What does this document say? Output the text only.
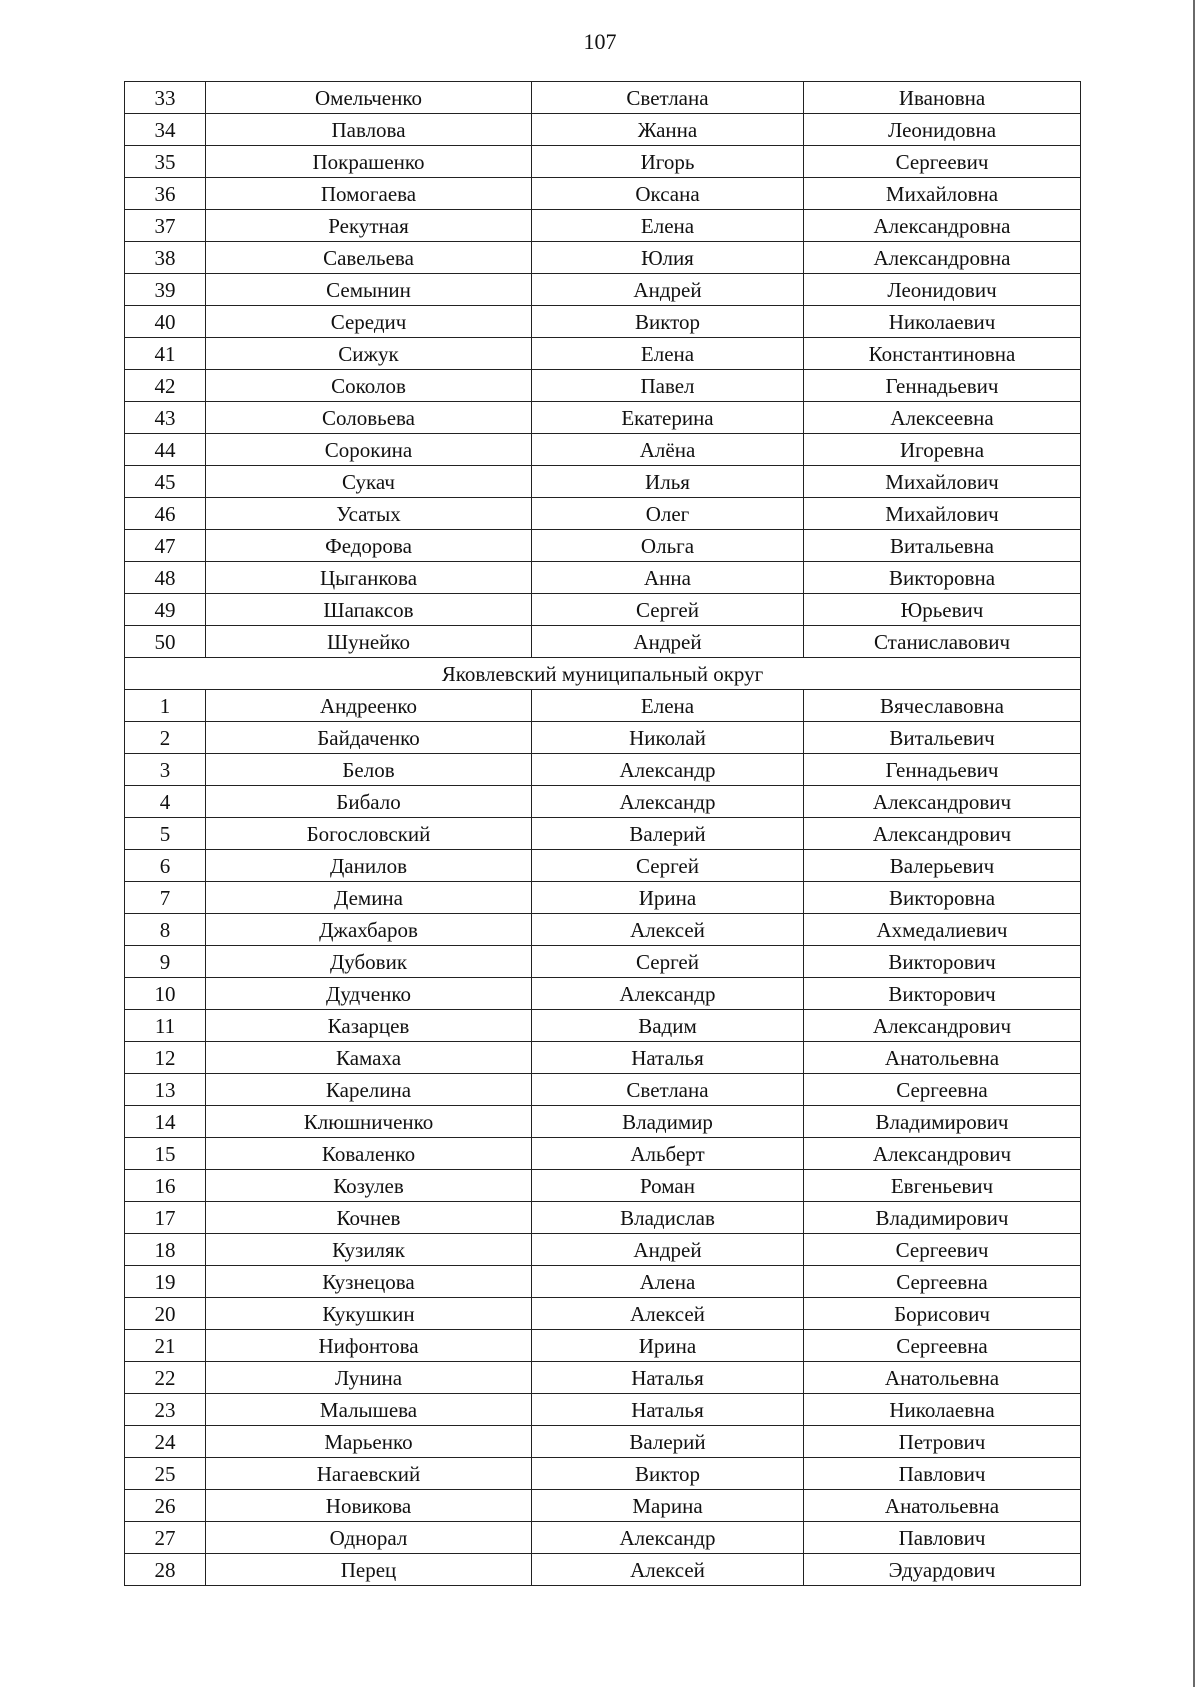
107
33	Омельченко	Светлана	Ивановна
34	Павлова	Жанна	Леонидовна
35	Покрашенко	Игорь	Сергеевич
36	Помогаева	Оксана	Михайловна
37	Рекутная	Елена	Александровна
38	Савельева	Юлия	Александровна
39	Семынин	Андрей	Леонидович
40	Середич	Виктор	Николаевич
41	Сижук	Елена	Константиновна
42	Соколов	Павел	Геннадьевич
43	Соловьева	Екатерина	Алексеевна
44	Сорокина	Алёна	Игоревна
45	Сукач	Илья	Михайлович
46	Усатых	Олег	Михайлович
47	Федорова	Ольга	Витальевна
48	Цыганкова	Анна	Викторовна
49	Шапаксов	Сергей	Юрьевич
50	Шунейко	Андрей	Станиславович
Яковлевский муниципальный округ			
1	Андреенко	Елена	Вячеславовна
2	Байдаченко	Николай	Витальевич
3	Белов	Александр	Геннадьевич
4	Бибало	Александр	Александрович
5	Богословский	Валерий	Александрович
6	Данилов	Сергей	Валерьевич
7	Демина	Ирина	Викторовна
8	Джахбаров	Алексей	Ахмедалиевич
9	Дубовик	Сергей	Викторович
10	Дудченко	Александр	Викторович
11	Казарцев	Вадим	Александрович
12	Камаха	Наталья	Анатольевна
13	Карелина	Светлана	Сергеевна
14	Клюшниченко	Владимир	Владимирович
15	Коваленко	Альберт	Александрович
16	Козулев	Роман	Евгеньевич
17	Кочнев	Владислав	Владимирович
18	Кузиляк	Андрей	Сергеевич
19	Кузнецова	Алена	Сергеевна
20	Кукушкин	Алексей	Борисович
21	Нифонтова	Ирина	Сергеевна
22	Лунина	Наталья	Анатольевна
23	Малышева	Наталья	Николаевна
24	Марьенко	Валерий	Петрович
25	Нагаевский	Виктор	Павлович
26	Новикова	Марина	Анатольевна
27	Однорал	Александр	Павлович
28	Перец	Алексей	Эдуардович
